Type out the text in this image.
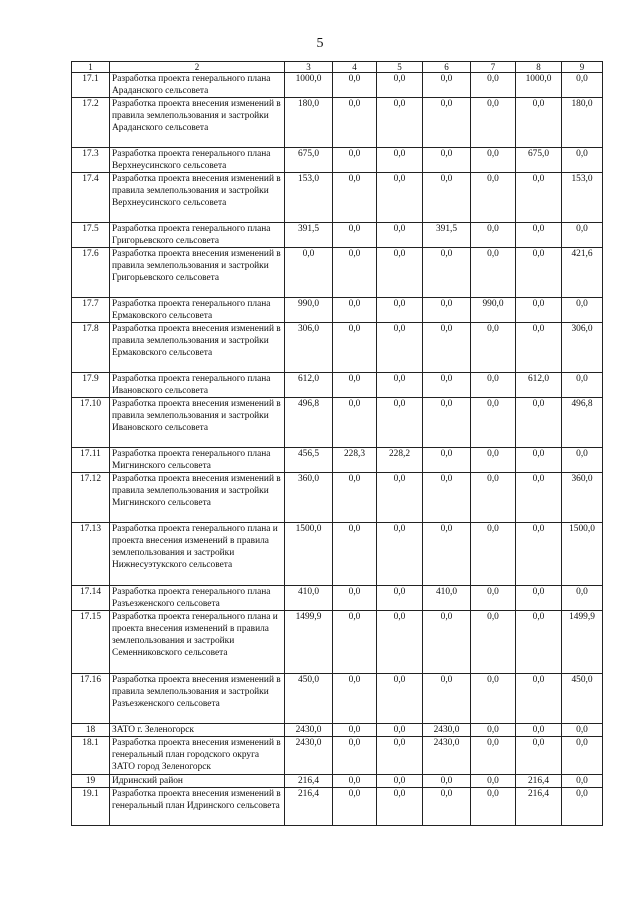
5
1	2	3	4	5	6	7	8	9
17.1	Разработка проекта генерального плана Араданского сельсовета	1000,0	0,0	0,0	0,0	0,0	1000,0	0,0
17.2	Разработка проекта внесения изменений в правила землепользования и застройки Араданского сельсовета	180,0	0,0	0,0	0,0	0,0	0,0	180,0
17.3	Разработка проекта генерального плана Верхнеусинского сельсовета	675,0	0,0	0,0	0,0	0,0	675,0	0,0
17.4	Разработка проекта внесения изменений в правила землепользования и застройки Верхнеусинского сельсовета	153,0	0,0	0,0	0,0	0,0	0,0	153,0
17.5	Разработка проекта генерального плана Григорьевского сельсовета	391,5	0,0	0,0	391,5	0,0	0,0	0,0
17.6	Разработка проекта внесения изменений в правила землепользования и застройки Григорьевского сельсовета	0,0	0,0	0,0	0,0	0,0	0,0	421,6
17.7	Разработка проекта генерального плана Ермаковского сельсовета	990,0	0,0	0,0	0,0	990,0	0,0	0,0
17.8	Разработка проекта внесения изменений в правила землепользования и застройки Ермаковского сельсовета	306,0	0,0	0,0	0,0	0,0	0,0	306,0
17.9	Разработка проекта генерального плана Ивановского сельсовета	612,0	0,0	0,0	0,0	0,0	612,0	0,0
17.10	Разработка проекта внесения изменений в правила землепользования и застройки Ивановского сельсовета	496,8	0,0	0,0	0,0	0,0	0,0	496,8
17.11	Разработка проекта генерального плана Мигнинского сельсовета	456,5	228,3	228,2	0,0	0,0	0,0	0,0
17.12	Разработка проекта внесения изменений в правила землепользования и застройки Мигнинского сельсовета	360,0	0,0	0,0	0,0	0,0	0,0	360,0
17.13	Разработка проекта генерального плана и проекта внесения изменений в правила землепользования и застройки Нижнесуэтукского сельсовета	1500,0	0,0	0,0	0,0	0,0	0,0	1500,0
17.14	Разработка проекта генерального плана Разъезженского сельсовета	410,0	0,0	0,0	410,0	0,0	0,0	0,0
17.15	Разработка проекта генерального плана и проекта внесения изменений в правила землепользования и застройки Семенниковского сельсовета	1499,9	0,0	0,0	0,0	0,0	0,0	1499,9
17.16	Разработка проекта внесения изменений в правила землепользования и застройки Разъезженского сельсовета	450,0	0,0	0,0	0,0	0,0	0,0	450,0
18	ЗАТО г. Зеленогорск	2430,0	0,0	0,0	2430,0	0,0	0,0	0,0
18.1	Разработка проекта внесения изменений в генеральный план городского округа ЗАТО город Зеленогорск	2430,0	0,0	0,0	2430,0	0,0	0,0	0,0
19	Идринский район	216,4	0,0	0,0	0,0	0,0	216,4	0,0
19.1	Разработка проекта внесения изменений в генеральный план Идринского сельсовета	216,4	0,0	0,0	0,0	0,0	216,4	0,0
